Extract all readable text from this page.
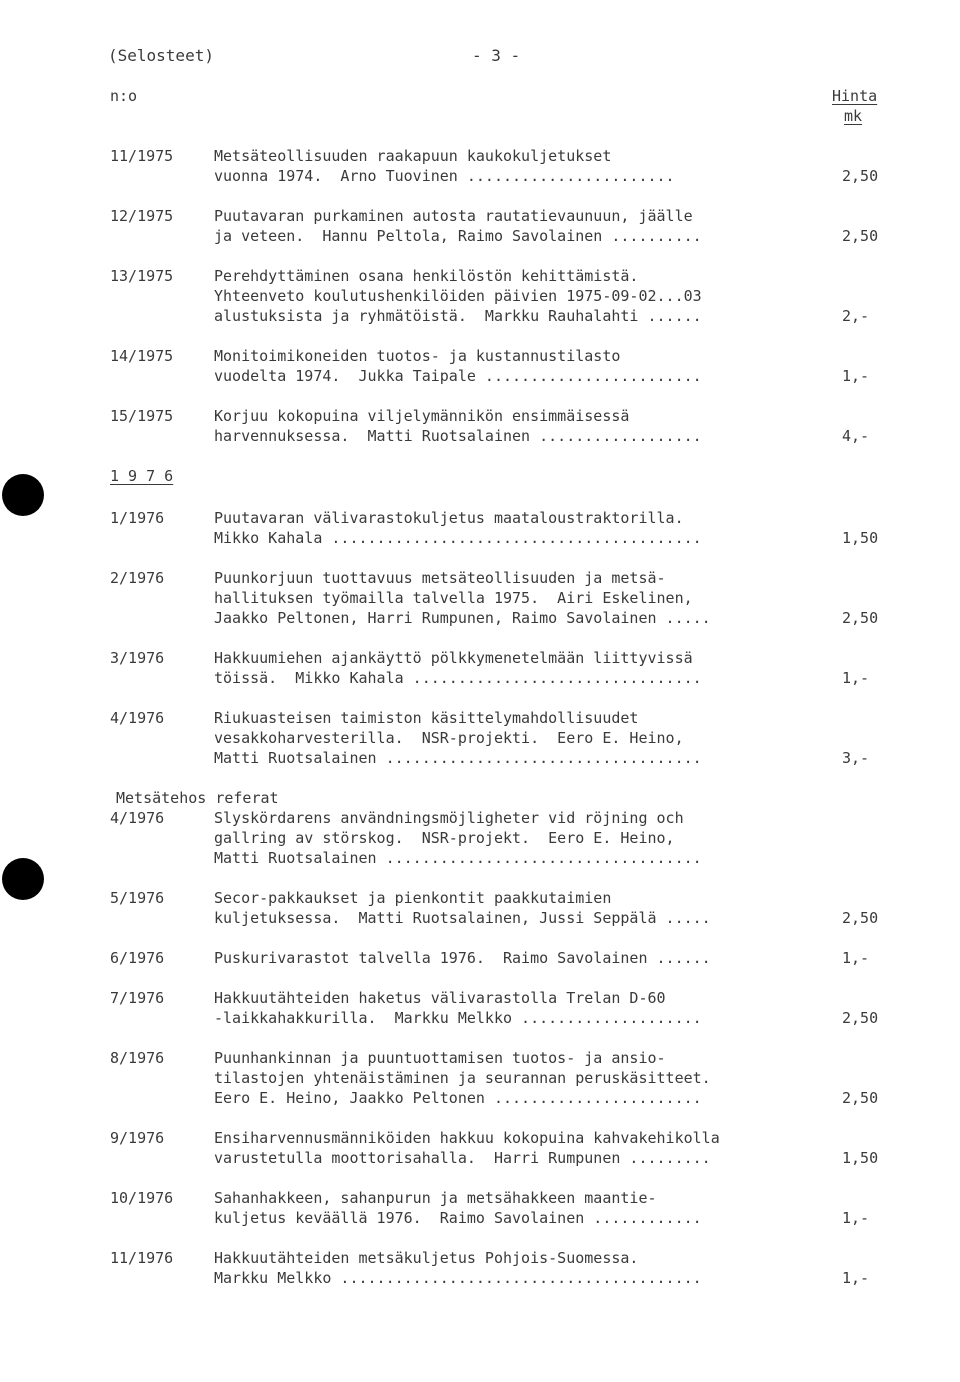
(Selosteet)	- 3 -
n:o	Hinta
mk
11/1975	Metsäteollisuuden raakapuun kaukokuljetukset
vuonna 1974.  Arno Tuovinen .......................	2,50
12/1975	Puutavaran purkaminen autosta rautatievaunuun, jäälle
ja veteen.  Hannu Peltola, Raimo Savolainen ..........	2,50
13/1975	Perehdyttäminen osana henkilöstön kehittämistä.
Yhteenveto koulutushenkilöiden päivien 1975-09-02...03
alustuksista ja ryhmätöistä.  Markku Rauhalahti ......	2,-
14/1975	Monitoimikoneiden tuotos- ja kustannustilasto
vuodelta 1974.  Jukka Taipale ........................	1,-
15/1975	Korjuu kokopuina viljelymännikön ensimmäisessä
harvennuksessa.  Matti Ruotsalainen ..................	4,-
1 9 7 6
1/1976	Puutavaran välivarastokuljetus maataloustraktorilla.
Mikko Kahala .........................................	1,50
2/1976	Puunkorjuun tuottavuus metsäteollisuuden ja metsä-
hallituksen työmailla talvella 1975.  Airi Eskelinen,
Jaakko Peltonen, Harri Rumpunen, Raimo Savolainen .....	2,50
3/1976	Hakkuumiehen ajankäyttö pölkkymenetelmään liittyvissä
töissä.  Mikko Kahala ................................	1,-
4/1976	Riukuasteisen taimiston käsittelymahdollisuudet
vesakkoharvesterilla.  NSR-projekti.  Eero E. Heino,
Matti Ruotsalainen ...................................	3,-
Metsätehos referat
4/1976	Slyskördarens användningsmöjligheter vid röjning och
gallring av störskog.  NSR-projekt.  Eero E. Heino,
Matti Ruotsalainen ...................................
5/1976	Secor-pakkaukset ja pienkontit paakkutaimien
kuljetuksessa.  Matti Ruotsalainen, Jussi Seppälä .....	2,50
6/1976	Puskurivarastot talvella 1976.  Raimo Savolainen ......	1,-
7/1976	Hakkuutähteiden haketus välivarastolla Trelan D-60
-laikkahakkurilla.  Markku Melkko ....................	2,50
8/1976	Puunhankinnan ja puuntuottamisen tuotos- ja ansio-
tilastojen yhtenäistäminen ja seurannan peruskäsitteet.
Eero E. Heino, Jaakko Peltonen .......................	2,50
9/1976	Ensiharvennusmänniköiden hakkuu kokopuina kahvakehikolla
varustetulla moottorisahalla.  Harri Rumpunen .........	1,50
10/1976	Sahanhakkeen, sahanpurun ja metsähakkeen maantie-
kuljetus keväällä 1976.  Raimo Savolainen ............	1,-
11/1976	Hakkuutähteiden metsäkuljetus Pohjois-Suomessa.
Markku Melkko ........................................	1,-
